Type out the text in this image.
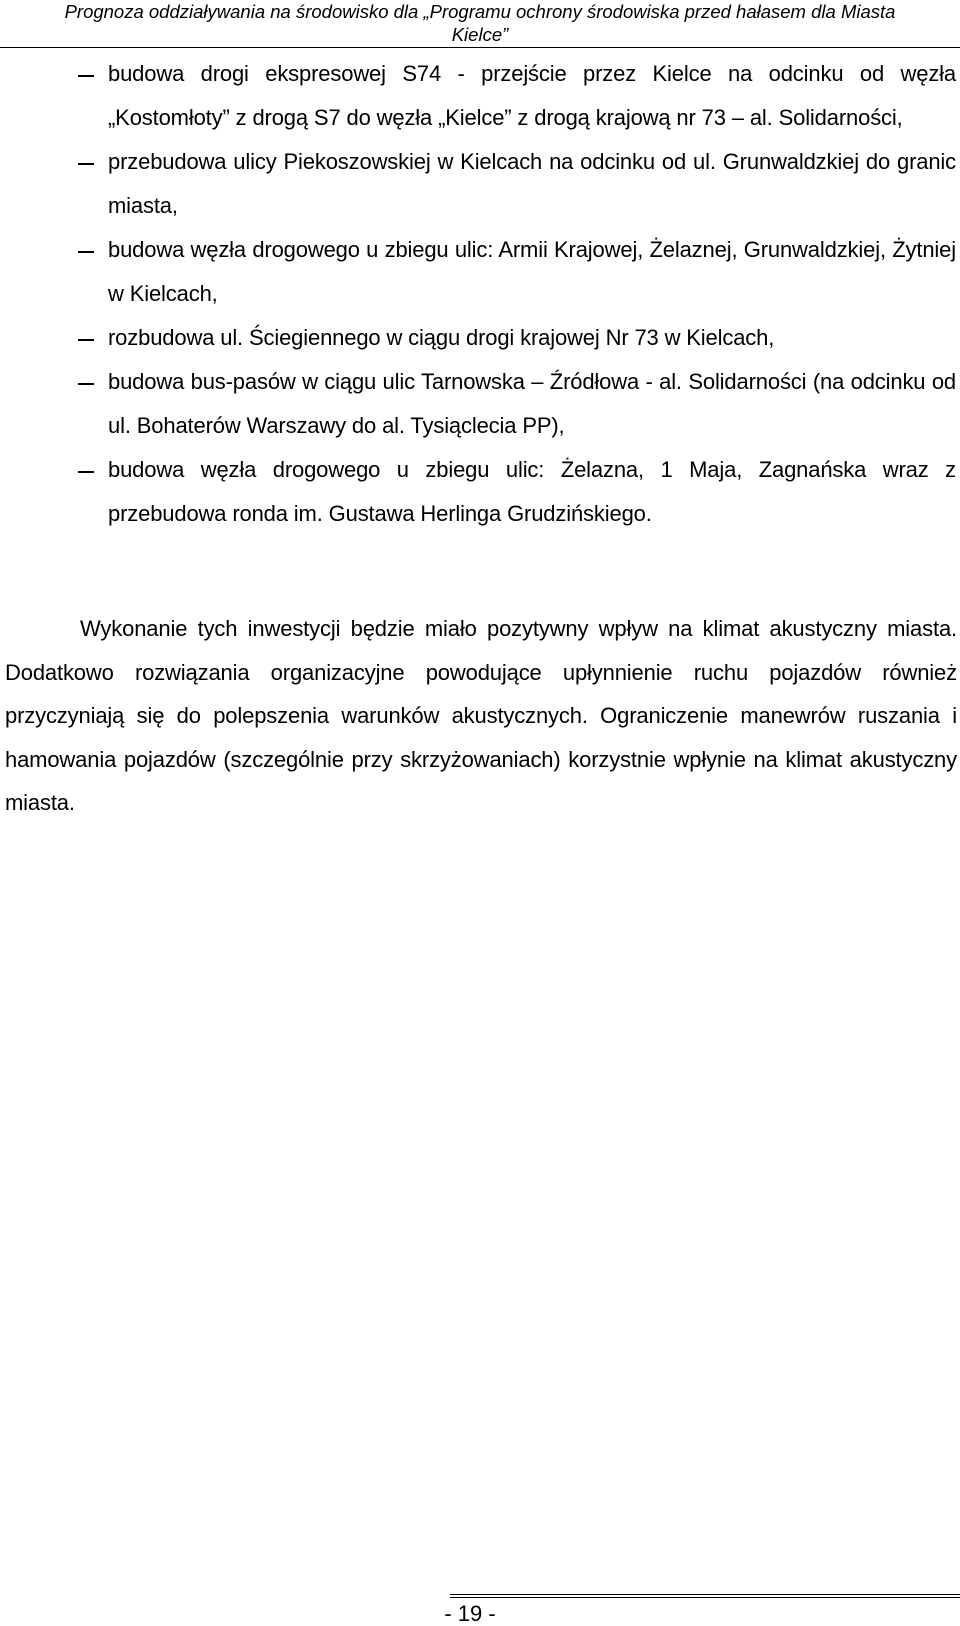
Prognoza oddziaływania na środowisko dla „Programu ochrony środowiska przed hałasem dla Miasta
Kielce”
budowa drogi ekspresowej S74 - przejście przez Kielce na odcinku od węzła „Kostomłoty” z drogą S7 do węzła „Kielce” z drogą krajową nr 73 – al. Solidarności,
przebudowa ulicy Piekoszowskiej w Kielcach na odcinku od ul. Grunwaldzkiej do granic miasta,
budowa węzła drogowego u zbiegu ulic: Armii Krajowej, Żelaznej, Grunwaldzkiej, Żytniej w Kielcach,
rozbudowa ul. Ściegiennego w ciągu drogi krajowej Nr 73 w Kielcach,
budowa bus-pasów w ciągu ulic Tarnowska – Źródłowa - al. Solidarności (na odcinku od ul. Bohaterów Warszawy do al. Tysiąclecia PP),
budowa węzła drogowego u zbiegu ulic: Żelazna, 1 Maja, Zagnańska wraz z przebudowa ronda im. Gustawa Herlinga Grudzińskiego.

Wykonanie tych inwestycji będzie miało pozytywny wpływ na klimat akustyczny miasta. Dodatkowo rozwiązania organizacyjne powodujące upłynnienie ruchu pojazdów również przyczyniają się do polepszenia warunków akustycznych. Ograniczenie manewrów ruszania i hamowania pojazdów (szczególnie przy skrzyżowaniach) korzystnie wpłynie na klimat akustyczny miasta.

- 19 -
